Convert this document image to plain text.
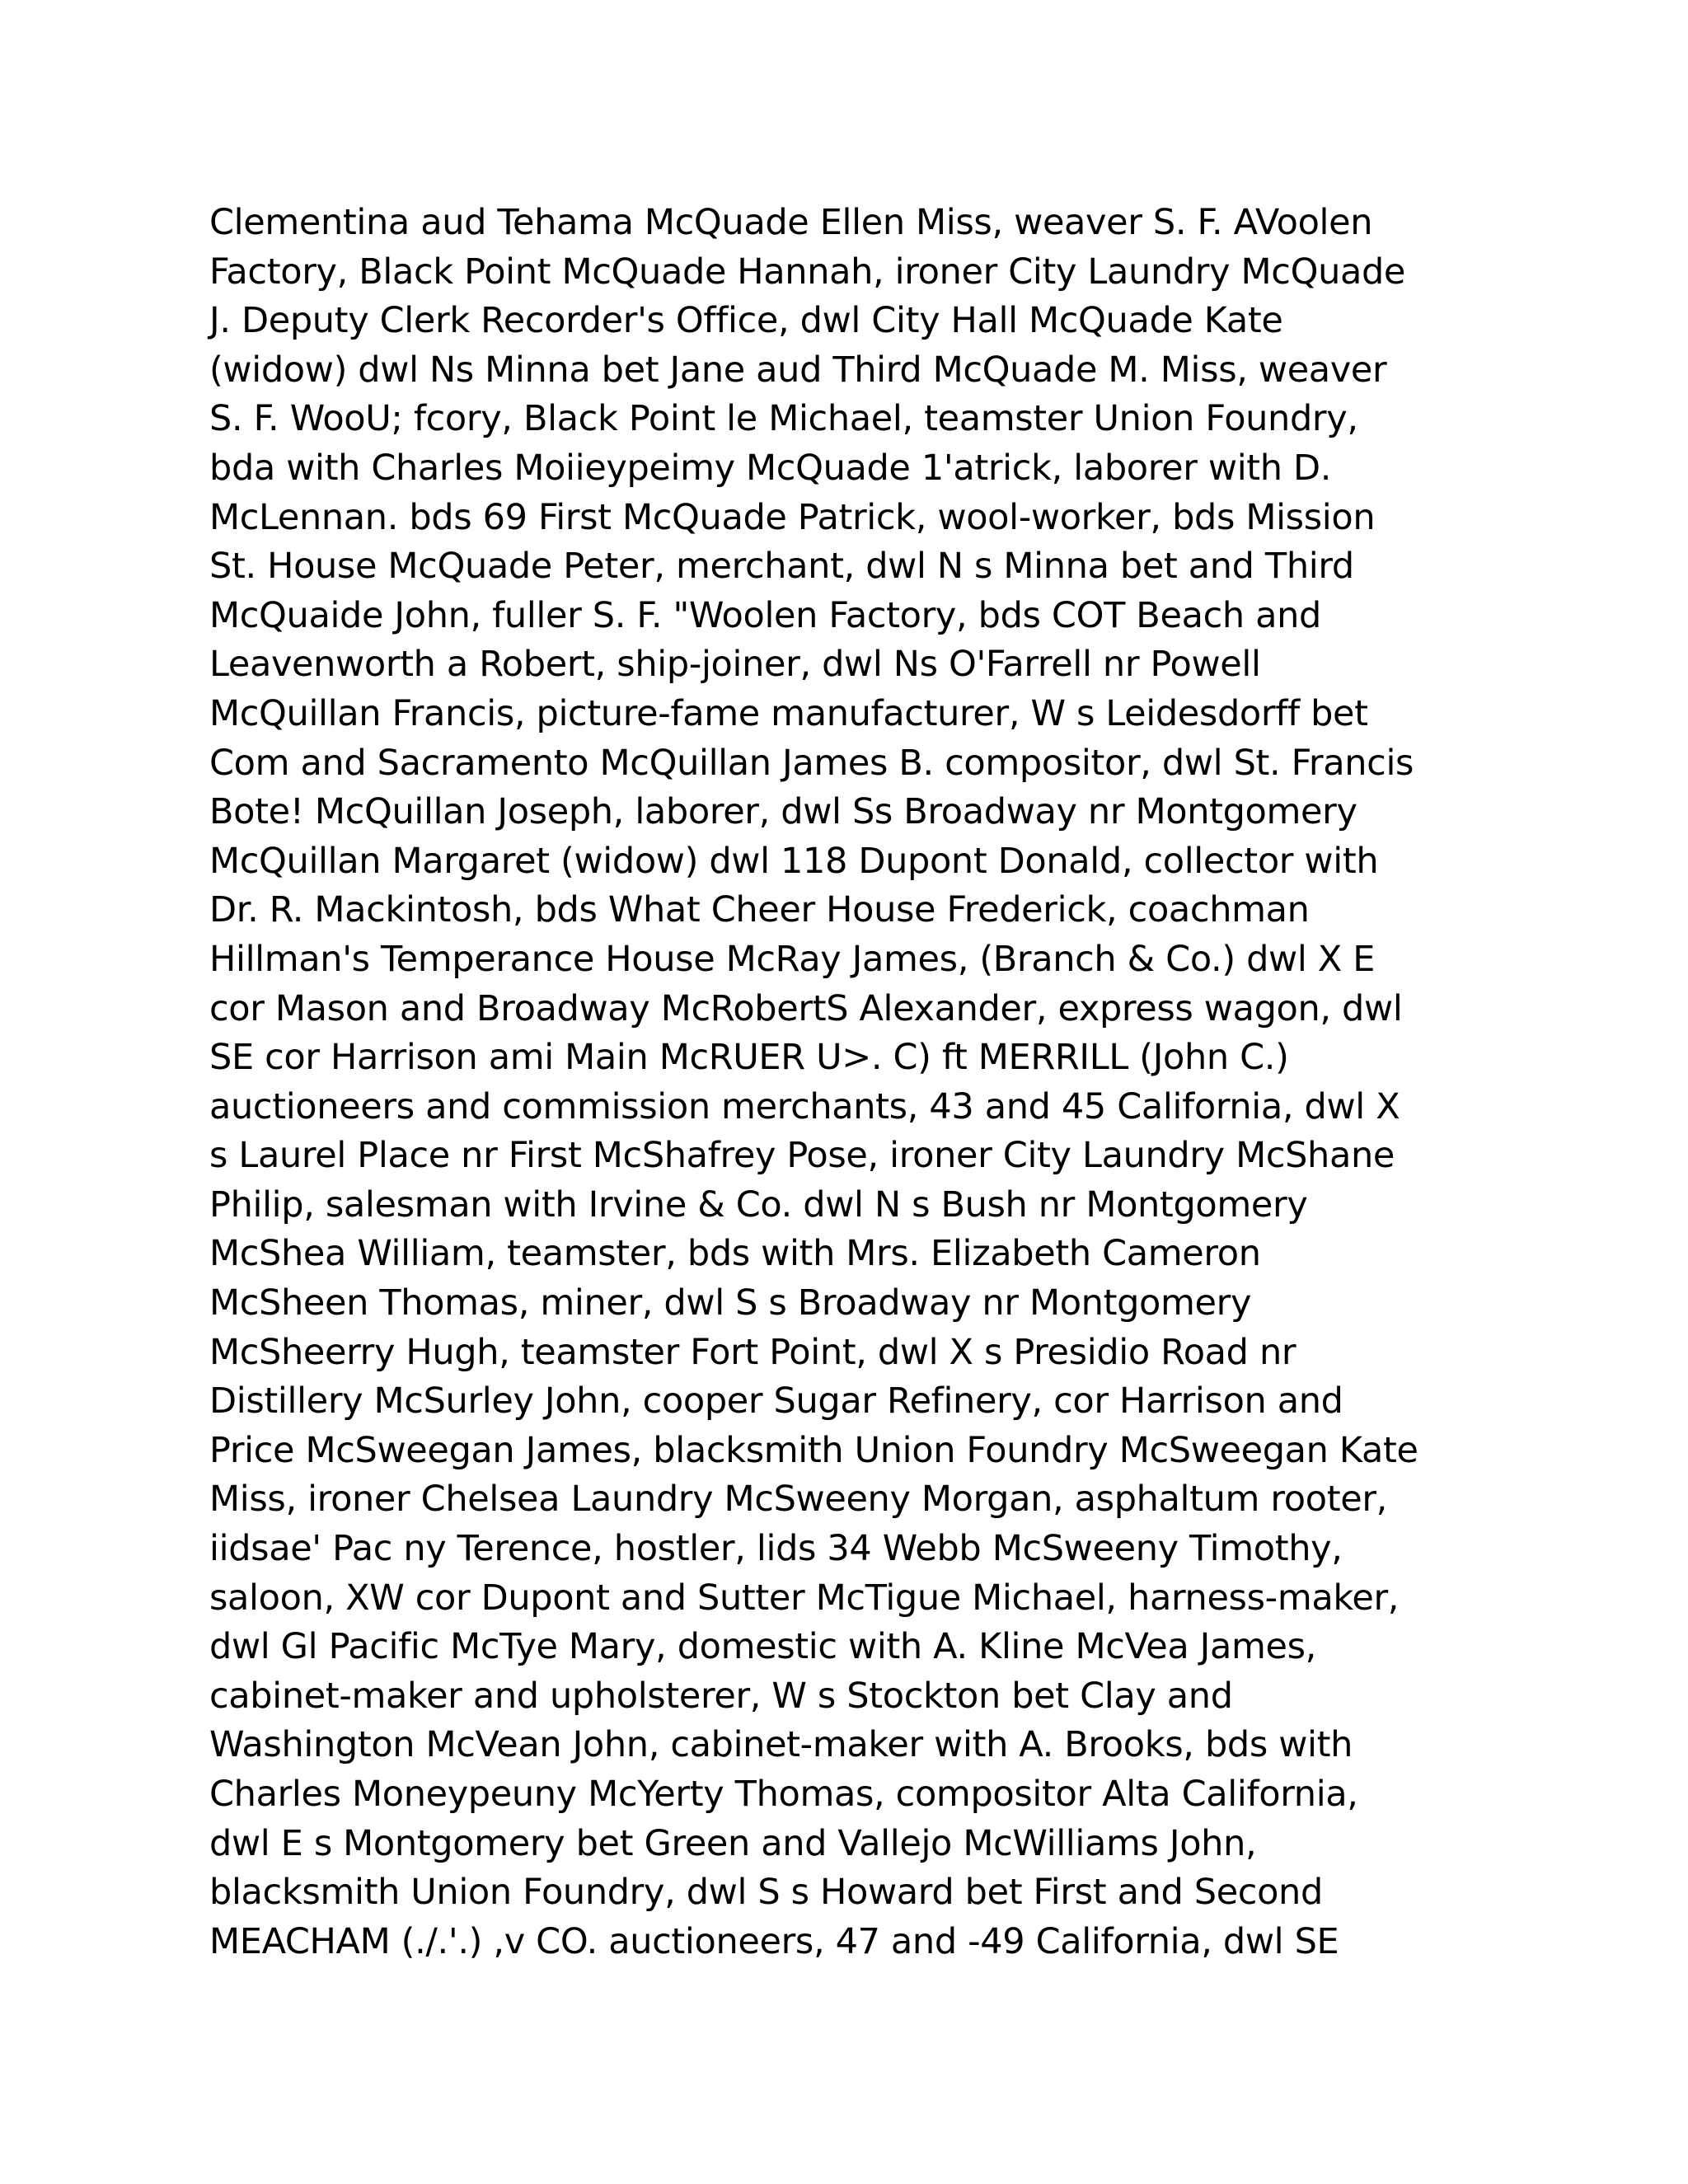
Clementina aud Tehama McQuade Ellen Miss, weaver S. F. AVoolen
Factory, Black Point McQuade Hannah, ironer City Laundry McQuade
J. Deputy Clerk Recorder's Office, dwl City Hall McQuade Kate
(widow) dwl Ns Minna bet Jane aud Third McQuade M. Miss, weaver
S. F. WooU; fcory, Black Point le Michael, teamster Union Foundry,
bda with Charles Moiieypeimy McQuade 1'atrick, laborer with D.
McLennan. bds 69 First McQuade Patrick, wool-worker, bds Mission
St. House McQuade Peter, merchant, dwl N s Minna bet and Third
McQuaide John, fuller S. F. "Woolen Factory, bds COT Beach and
Leavenworth a Robert, ship-joiner, dwl Ns O'Farrell nr Powell
McQuillan Francis, picture-fame manufacturer, W s Leidesdorff bet
Com and Sacramento McQuillan James B. compositor, dwl St. Francis
Bote! McQuillan Joseph, laborer, dwl Ss Broadway nr Montgomery
McQuillan Margaret (widow) dwl 118 Dupont Donald, collector with
Dr. R. Mackintosh, bds What Cheer House Frederick, coachman
Hillman's Temperance House McRay James, (Branch & Co.) dwl X E
cor Mason and Broadway McRobertS Alexander, express wagon, dwl
SE cor Harrison ami Main McRUER U>. C) ft MERRILL (John C.)
auctioneers and commission merchants, 43 and 45 California, dwl X
s Laurel Place nr First McShafrey Pose, ironer City Laundry McShane
Philip, salesman with Irvine & Co. dwl N s Bush nr Montgomery
McShea William, teamster, bds with Mrs. Elizabeth Cameron
McSheen Thomas, miner, dwl S s Broadway nr Montgomery
McSheerry Hugh, teamster Fort Point, dwl X s Presidio Road nr
Distillery McSurley John, cooper Sugar Refinery, cor Harrison and
Price McSweegan James, blacksmith Union Foundry McSweegan Kate
Miss, ironer Chelsea Laundry McSweeny Morgan, asphaltum rooter,
iidsae' Pac ny Terence, hostler, lids 34 Webb McSweeny Timothy,
saloon, XW cor Dupont and Sutter McTigue Michael, harness-maker,
dwl Gl Pacific McTye Mary, domestic with A. Kline McVea James,
cabinet-maker and upholsterer, W s Stockton bet Clay and
Washington McVean John, cabinet-maker with A. Brooks, bds with
Charles Moneypeuny McYerty Thomas, compositor Alta California,
dwl E s Montgomery bet Green and Vallejo McWilliams John,
blacksmith Union Foundry, dwl S s Howard bet First and Second
MEACHAM (./.'.) ,v CO. auctioneers, 47 and -49 California, dwl SE
